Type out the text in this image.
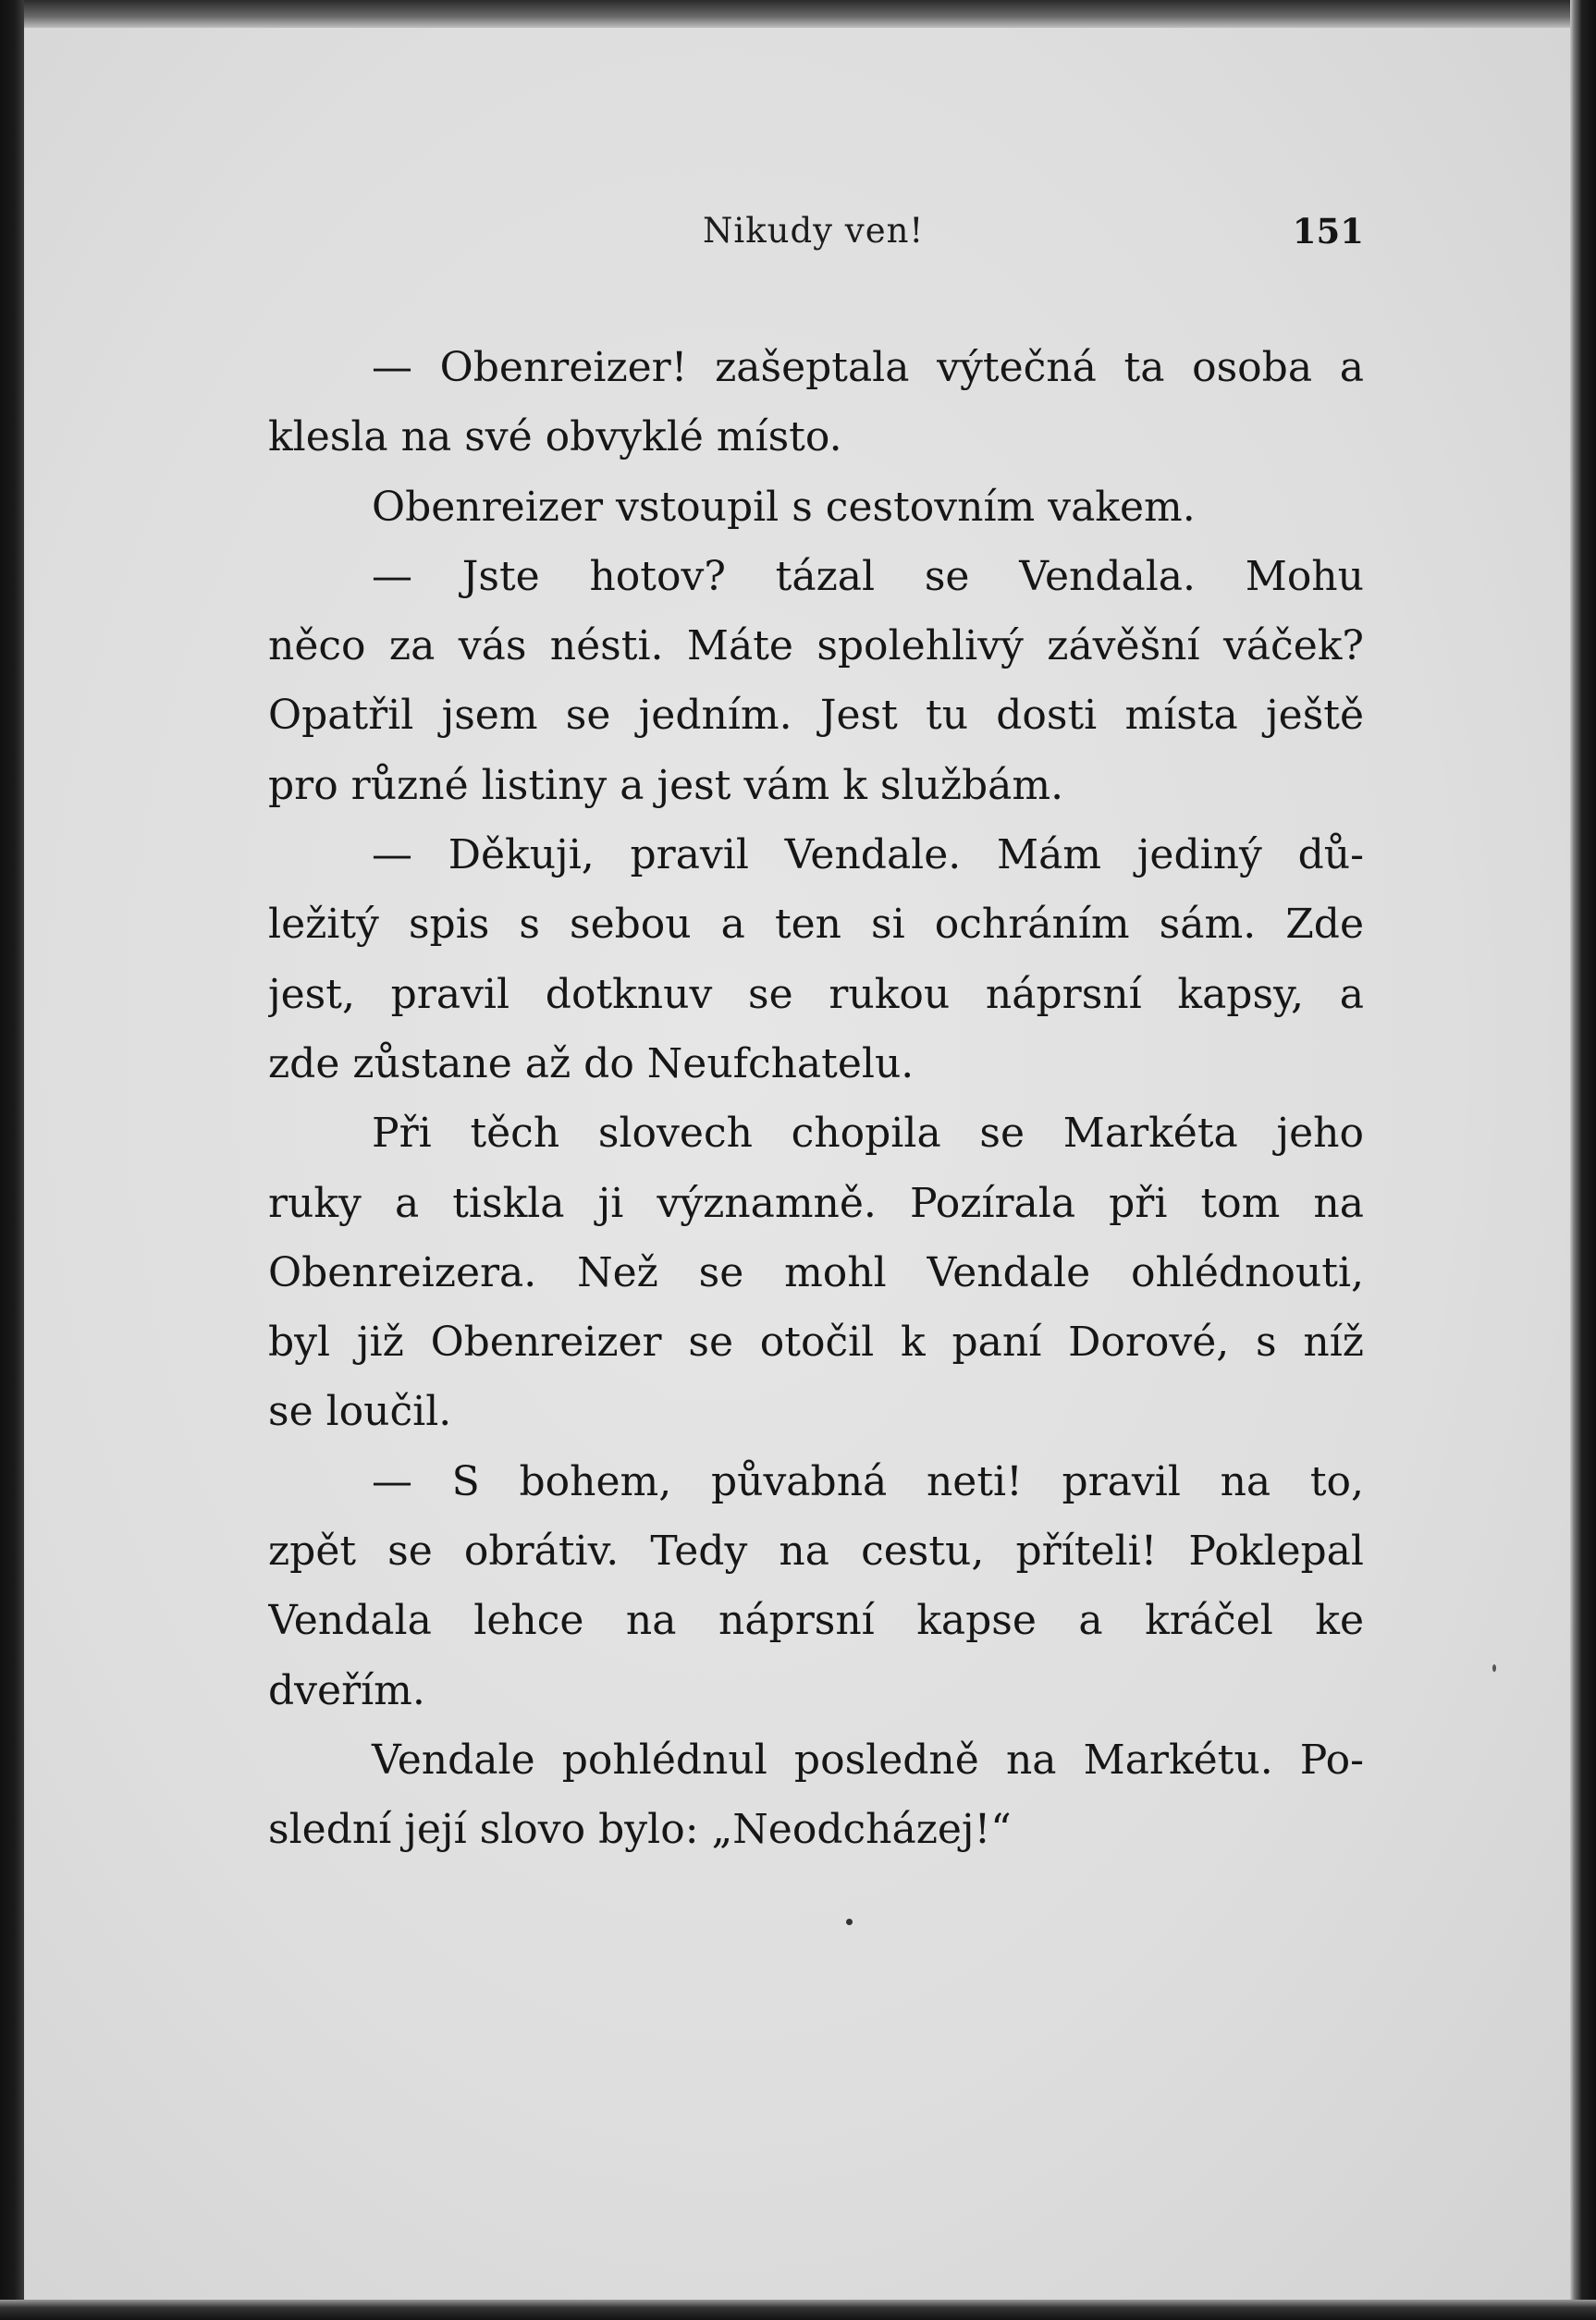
Nikudy ven!	151
— Obenreizer! zašeptala výtečná ta osoba a
klesla na své obvyklé místo.
Obenreizer vstoupil s cestovním vakem.
— Jste hotov? tázal se Vendala. Mohu
něco za vás nésti. Máte spolehlivý závěšní váček?
Opatřil jsem se jedním. Jest tu dosti místa ještě
pro různé listiny a jest vám k službám.
— Děkuji, pravil Vendale. Mám jediný dů-
ležitý spis s sebou a ten si ochráním sám. Zde
jest, pravil dotknuv se rukou náprsní kapsy, a
zde zůstane až do Neufchatelu.
Při těch slovech chopila se Markéta jeho
ruky a tiskla ji významně. Pozírala při tom na
Obenreizera. Než se mohl Vendale ohlédnouti,
byl již Obenreizer se otočil k paní Dorové, s níž
se loučil.
— S bohem, půvabná neti! pravil na to,
zpět se obrátiv. Tedy na cestu, příteli! Poklepal
Vendala lehce na náprsní kapse a kráčel ke
dveřím.
Vendale pohlédnul posledně na Markétu. Po-
slední její slovo bylo: „Neodcházej!“
